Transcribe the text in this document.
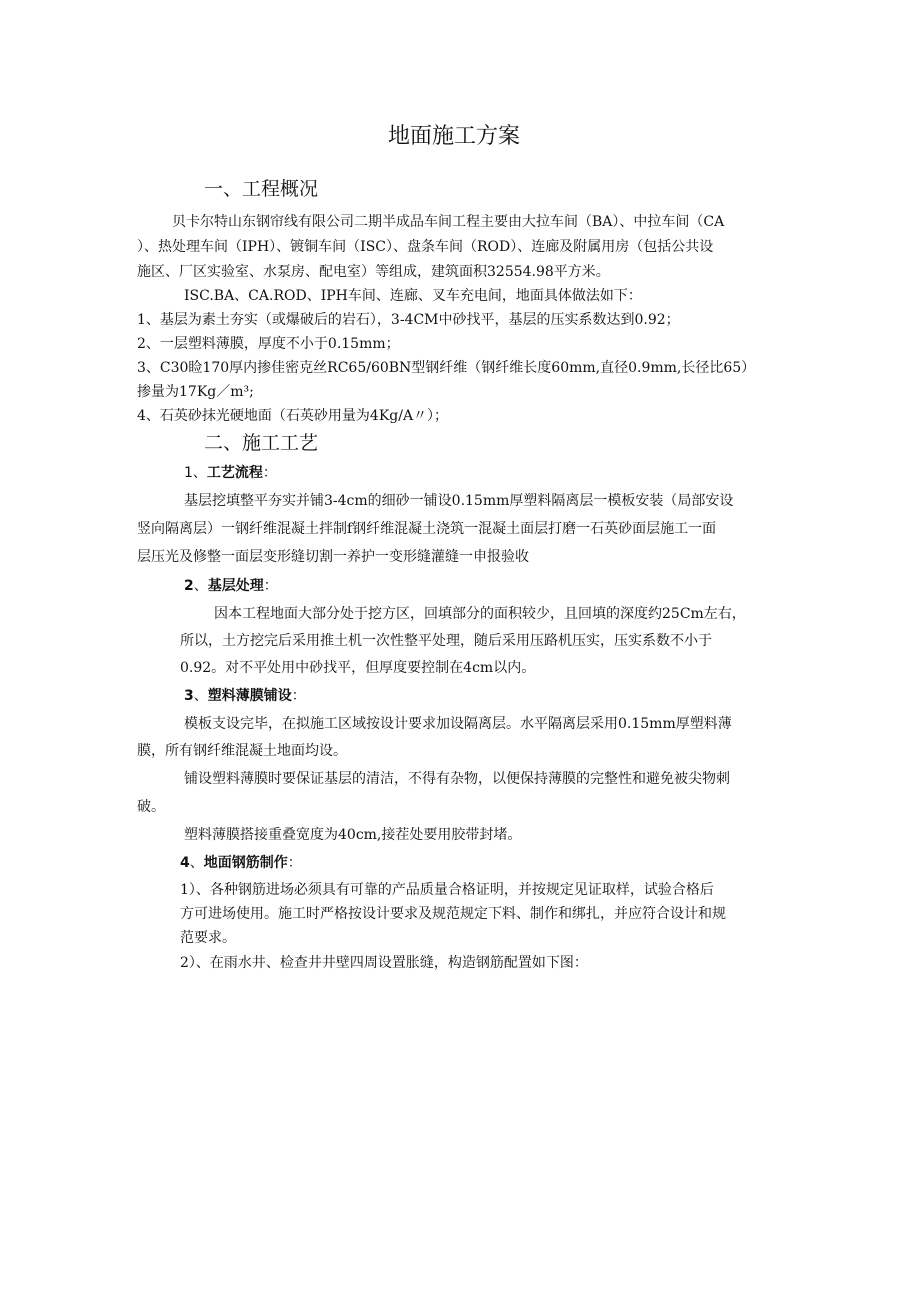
地面施工方案
一、工程概况
贝卡尔特山东钢帘线有限公司二期半成品车间工程主要由大拉车间（BA）、中拉车间（CA
）、热处理车间（IPH）、镀铜车间（ISC）、盘条车间（ROD）、连廊及附属用房（包括公共设
施区、厂区实验室、水泵房、配电室）等组成，建筑面积32554.98平方米。
ISC.BA、CA.ROD、IPH车间、连廊、叉车充电间，地面具体做法如下：
1、基层为素土夯实（或爆破后的岩石），3-4CM中砂找平，基层的压实系数达到0.92；
2、一层塑料薄膜，厚度不小于0.15mm；
3、C30睑170厚内掺佳密克丝RC65/60BN型钢纤维（钢纤维长度60mm,直径0.9mm,长径比65）
掺量为17Kg／m³;
4、石英砂抹光硬地面（石英砂用量为4Kg/A〃）；
二、施工工艺
1、工艺流程：
基层挖填整平夯实并铺3-4cm的细砂一铺设0.15mm厚塑料隔离层一模板安装（局部安设
竖向隔离层）一钢纤维混凝土拌制f钢纤维混凝土浇筑一混凝土面层打磨一石英砂面层施工一面
层压光及修整一面层变形缝切割一养护一变形缝灌缝一申报验收
2、基层处理：
因本工程地面大部分处于挖方区，回填部分的面积较少，且回填的深度约25Cm左右，
所以，土方挖完后采用推土机一次性整平处理，随后采用压路机压实，压实系数不小于
0.92。对不平处用中砂找平，但厚度要控制在4cm以内。
3、塑料薄膜铺设：
模板支设完毕，在拟施工区域按设计要求加设隔离层。水平隔离层采用0.15mm厚塑料薄
膜，所有钢纤维混凝土地面均设。
铺设塑料薄膜时要保证基层的清洁，不得有杂物，以便保持薄膜的完整性和避免被尖物刺
破。
塑料薄膜搭接重叠宽度为40cm,接茬处要用胶带封堵。
4、地面钢筋制作：
1）、各种钢筋进场必须具有可靠的产品质量合格证明，并按规定见证取样，试验合格后
方可进场使用。施工时严格按设计要求及规范规定下料、制作和绑扎，并应符合设计和规
范要求。
2）、在雨水井、检查井井壁四周设置胀缝，构造钢筋配置如下图：
